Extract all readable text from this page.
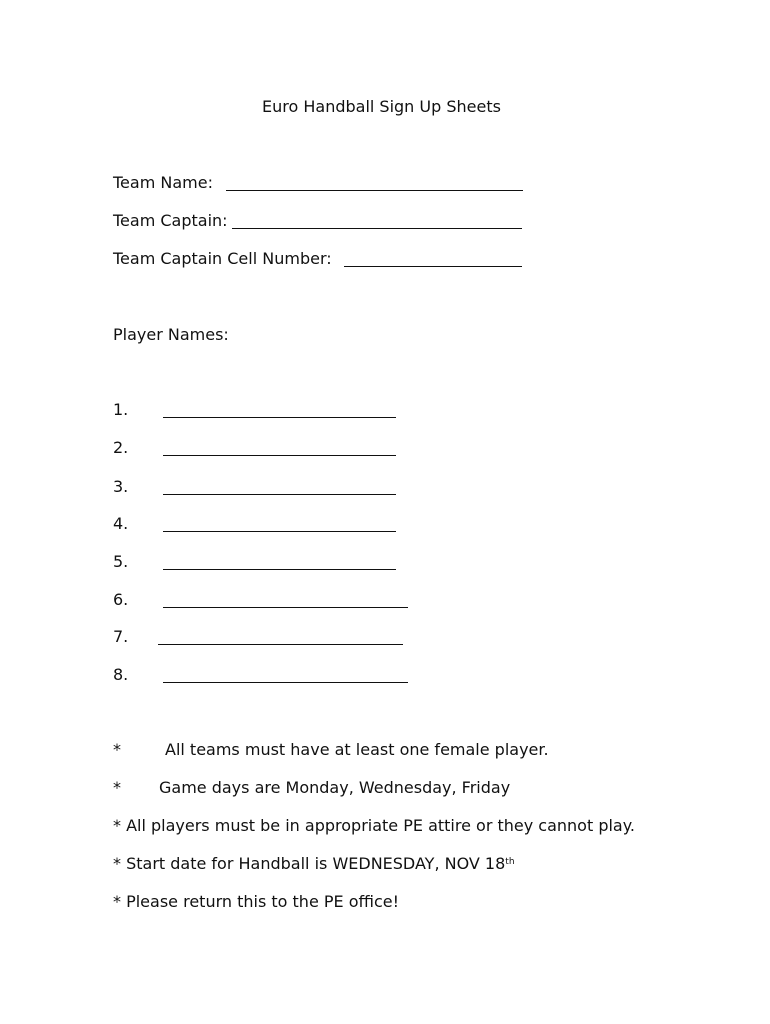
Euro Handball Sign Up Sheets
Team Name:
Team Captain:
Team Captain Cell Number:
Player Names:
1.
2.
3.
4.
5.
6.
7.
8.
*	All teams must have at least one female player.
* Game days are Monday, Wednesday, Friday
* All players must be in appropriate PE attire or they cannot play.
* Start date for Handball is WEDNESDAY, NOV 18th
* Please return this to the PE office!
